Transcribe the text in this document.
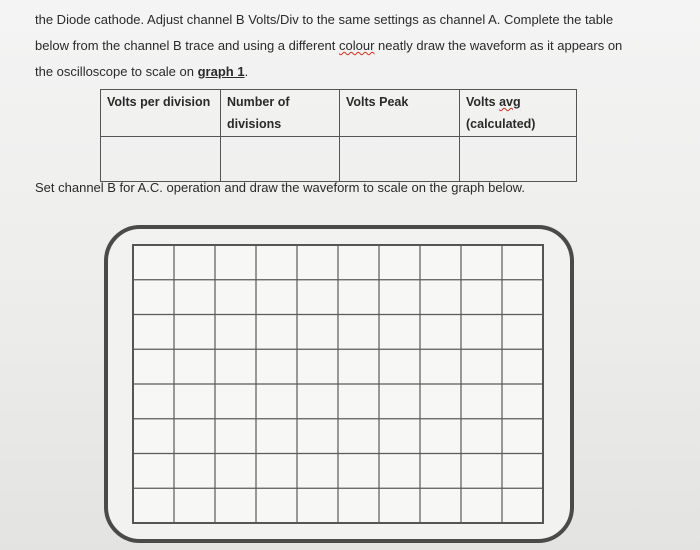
the Diode cathode. Adjust channel B Volts/Div to the same settings as channel A. Complete the table
below from the channel B trace and using a different colour neatly draw the waveform as it appears on
the oscilloscope to scale on graph 1.
Volts per division	Number of divisions	Volts Peak	Volts avg
(calculated)

Set channel B for A.C. operation and draw the waveform to scale on the graph below.
